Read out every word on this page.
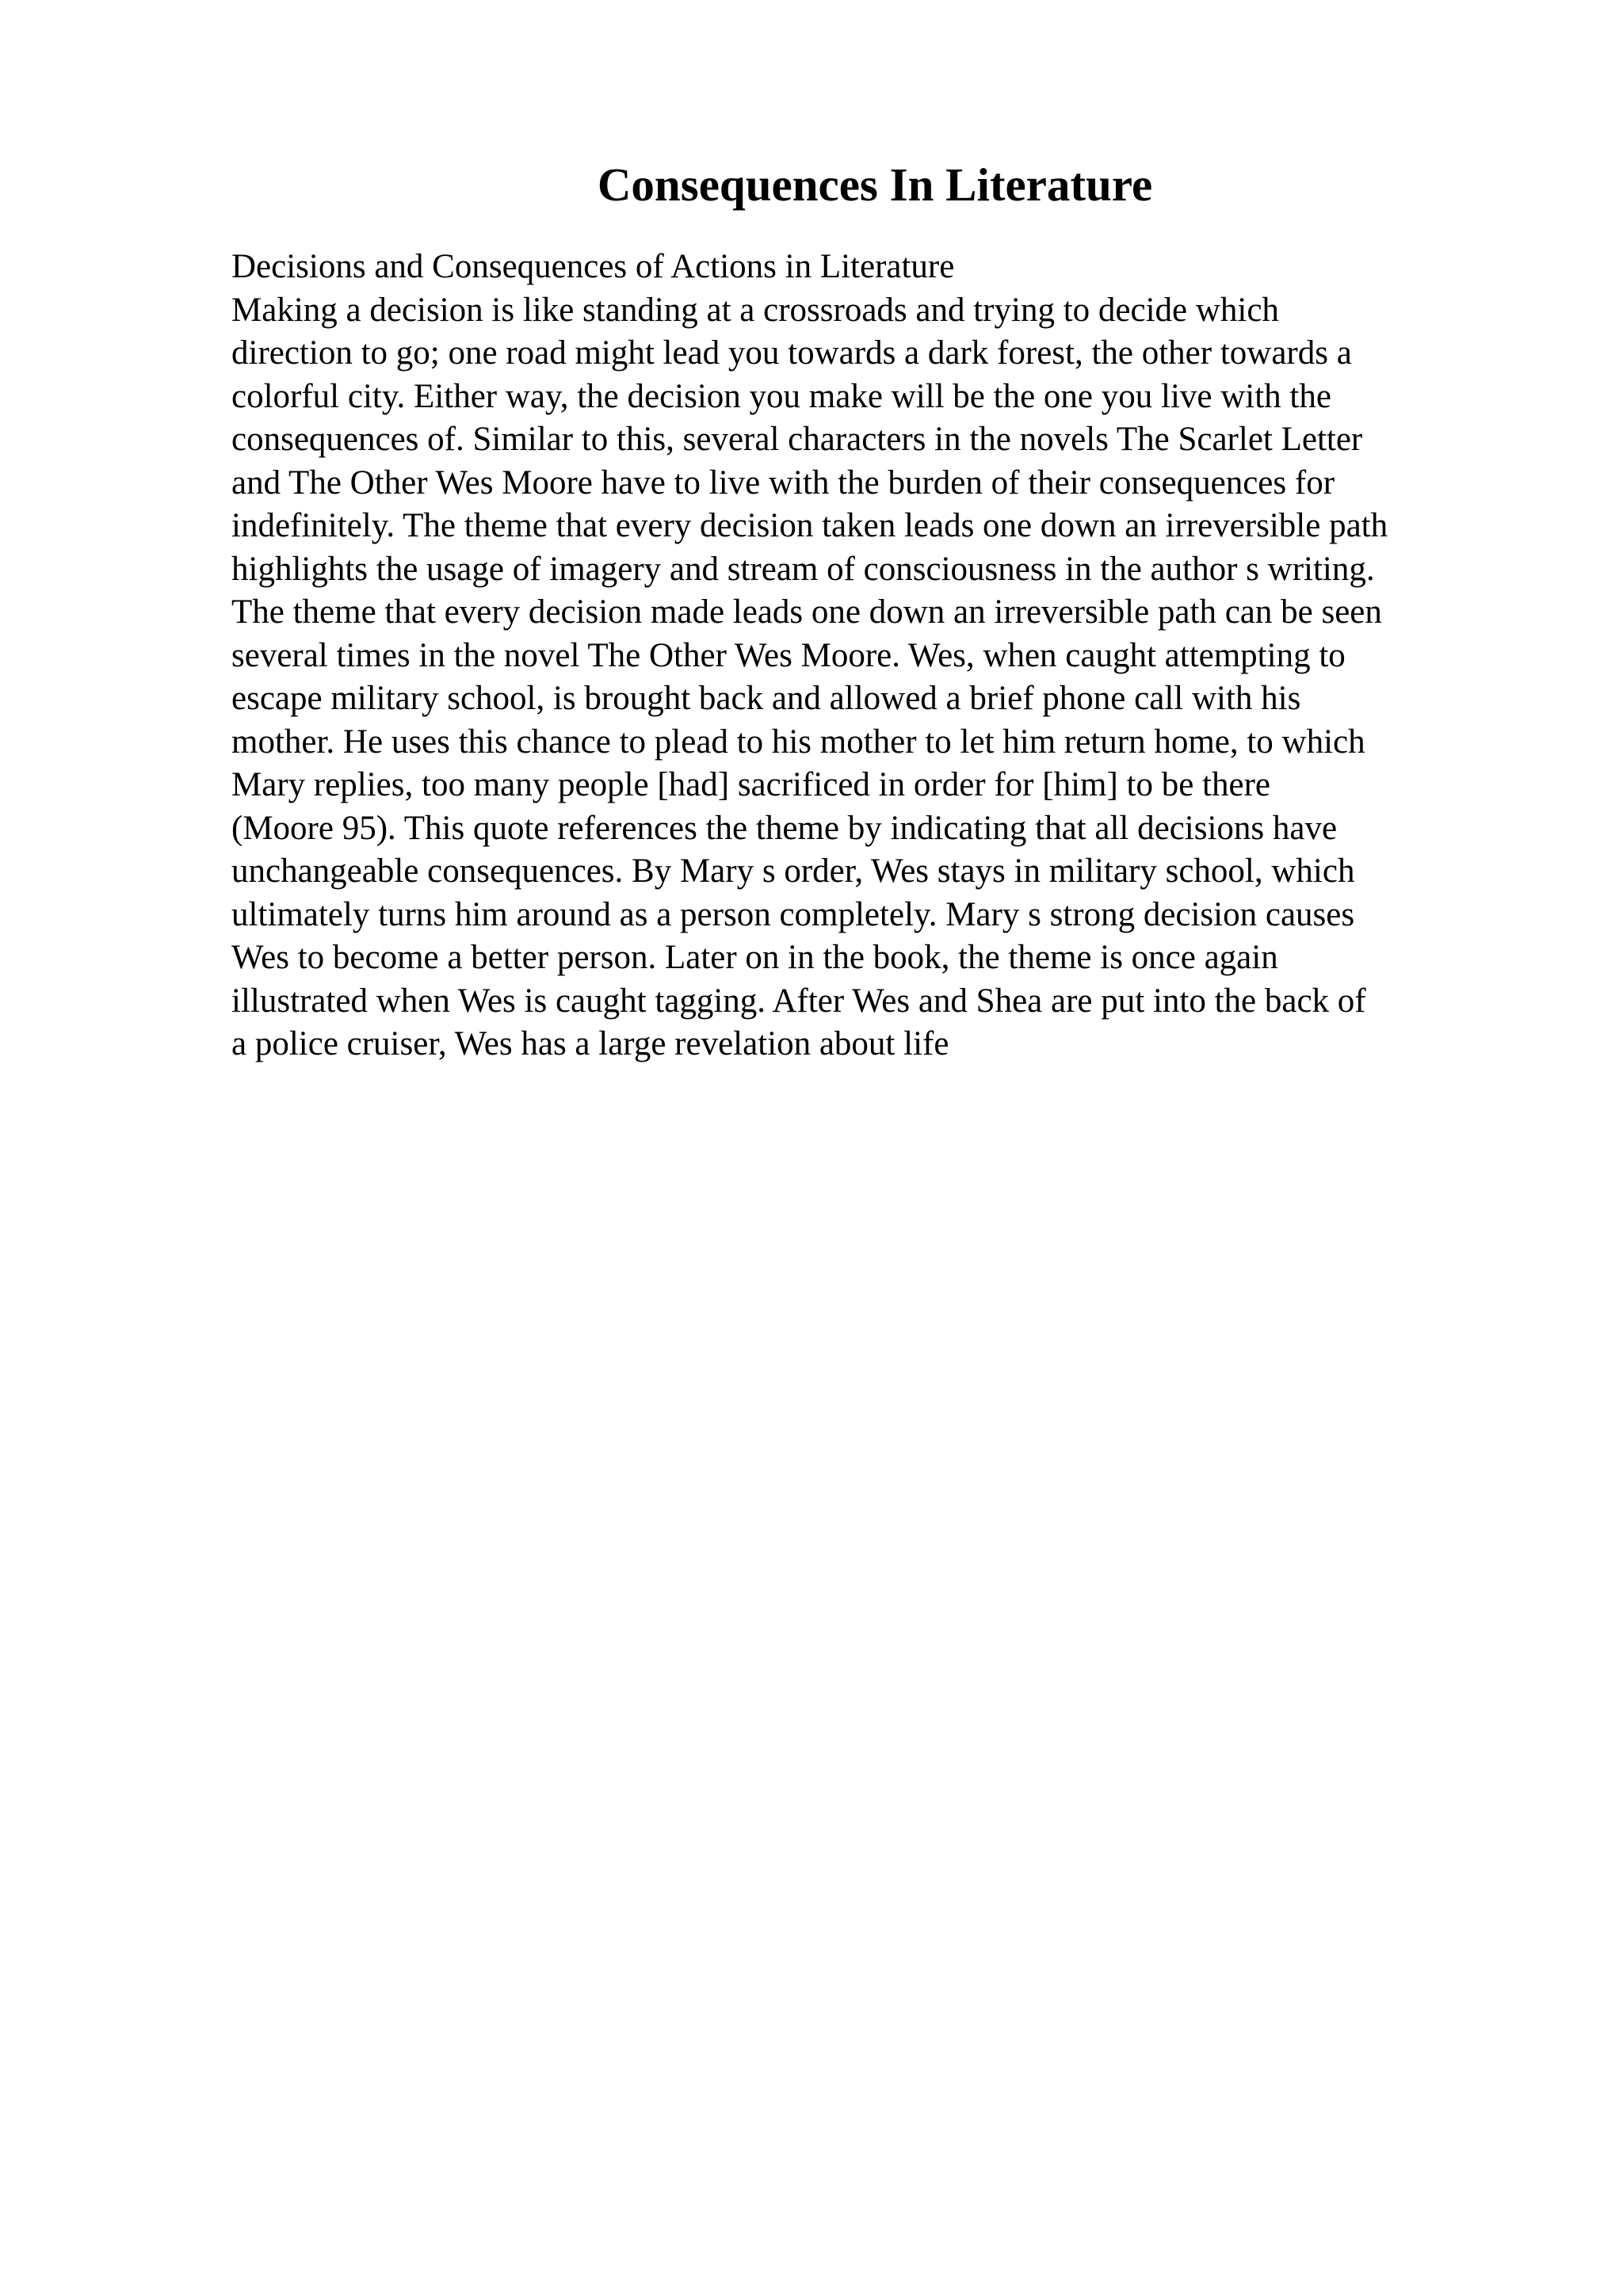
Consequences In Literature
Decisions and Consequences of Actions in Literature
Making a decision is like standing at a crossroads and trying to decide which
direction to go; one road might lead you towards a dark forest, the other towards a
colorful city. Either way, the decision you make will be the one you live with the
consequences of. Similar to this, several characters in the novels The Scarlet Letter
and The Other Wes Moore have to live with the burden of their consequences for
indefinitely. The theme that every decision taken leads one down an irreversible path
highlights the usage of imagery and stream of consciousness in the author s writing.
The theme that every decision made leads one down an irreversible path can be seen
several times in the novel The Other Wes Moore. Wes, when caught attempting to
escape military school, is brought back and allowed a brief phone call with his
mother. He uses this chance to plead to his mother to let him return home, to which
Mary replies, too many people [had] sacrificed in order for [him] to be there
(Moore 95). This quote references the theme by indicating that all decisions have
unchangeable consequences. By Mary s order, Wes stays in military school, which
ultimately turns him around as a person completely. Mary s strong decision causes
Wes to become a better person. Later on in the book, the theme is once again
illustrated when Wes is caught tagging. After Wes and Shea are put into the back of
a police cruiser, Wes has a large revelation about life
